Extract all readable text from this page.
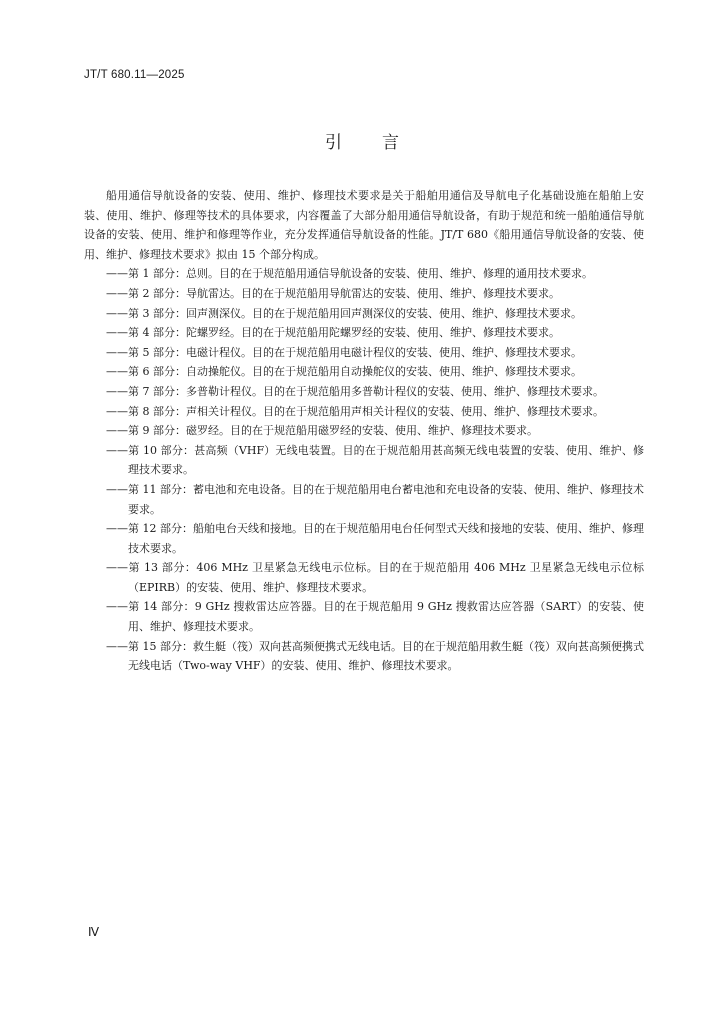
JT/T 680.11—2025
引言

船用通信导航设备的安装、使用、维护、修理技术要求是关于船舶用通信及导航电子化基础设施在船舶上安装、使用、维护、修理等技术的具体要求，内容覆盖了大部分船用通信导航设备，有助于规范和统一船舶通信导航设备的安装、使用、维护和修理等作业，充分发挥通信导航设备的性能。JT/T 680《船用通信导航设备的安装、使用、维护、修理技术要求》拟由 15 个部分构成。

——第 1 部分：总则。目的在于规范船用通信导航设备的安装、使用、维护、修理的通用技术要求。

——第 2 部分：导航雷达。目的在于规范船用导航雷达的安装、使用、维护、修理技术要求。

——第 3 部分：回声测深仪。目的在于规范船用回声测深仪的安装、使用、维护、修理技术要求。

——第 4 部分：陀螺罗经。目的在于规范船用陀螺罗经的安装、使用、维护、修理技术要求。

——第 5 部分：电磁计程仪。目的在于规范船用电磁计程仪的安装、使用、维护、修理技术要求。

——第 6 部分：自动操舵仪。目的在于规范船用自动操舵仪的安装、使用、维护、修理技术要求。

——第 7 部分：多普勒计程仪。目的在于规范船用多普勒计程仪的安装、使用、维护、修理技术要求。

——第 8 部分：声相关计程仪。目的在于规范船用声相关计程仪的安装、使用、维护、修理技术要求。

——第 9 部分：磁罗经。目的在于规范船用磁罗经的安装、使用、维护、修理技术要求。

——第 10 部分：甚高频（VHF）无线电装置。目的在于规范船用甚高频无线电装置的安装、使用、维护、修理技术要求。

——第 11 部分：蓄电池和充电设备。目的在于规范船用电台蓄电池和充电设备的安装、使用、维护、修理技术要求。

——第 12 部分：船舶电台天线和接地。目的在于规范船用电台任何型式天线和接地的安装、使用、维护、修理技术要求。

——第 13 部分：406 MHz 卫星紧急无线电示位标。目的在于规范船用 406 MHz 卫星紧急无线电示位标（EPIRB）的安装、使用、维护、修理技术要求。

——第 14 部分：9 GHz 搜救雷达应答器。目的在于规范船用 9 GHz 搜救雷达应答器（SART）的安装、使用、维护、修理技术要求。

——第 15 部分：救生艇（筏）双向甚高频便携式无线电话。目的在于规范船用救生艇（筏）双向甚高频便携式无线电话（Two-way VHF）的安装、使用、维护、修理技术要求。

Ⅳ
